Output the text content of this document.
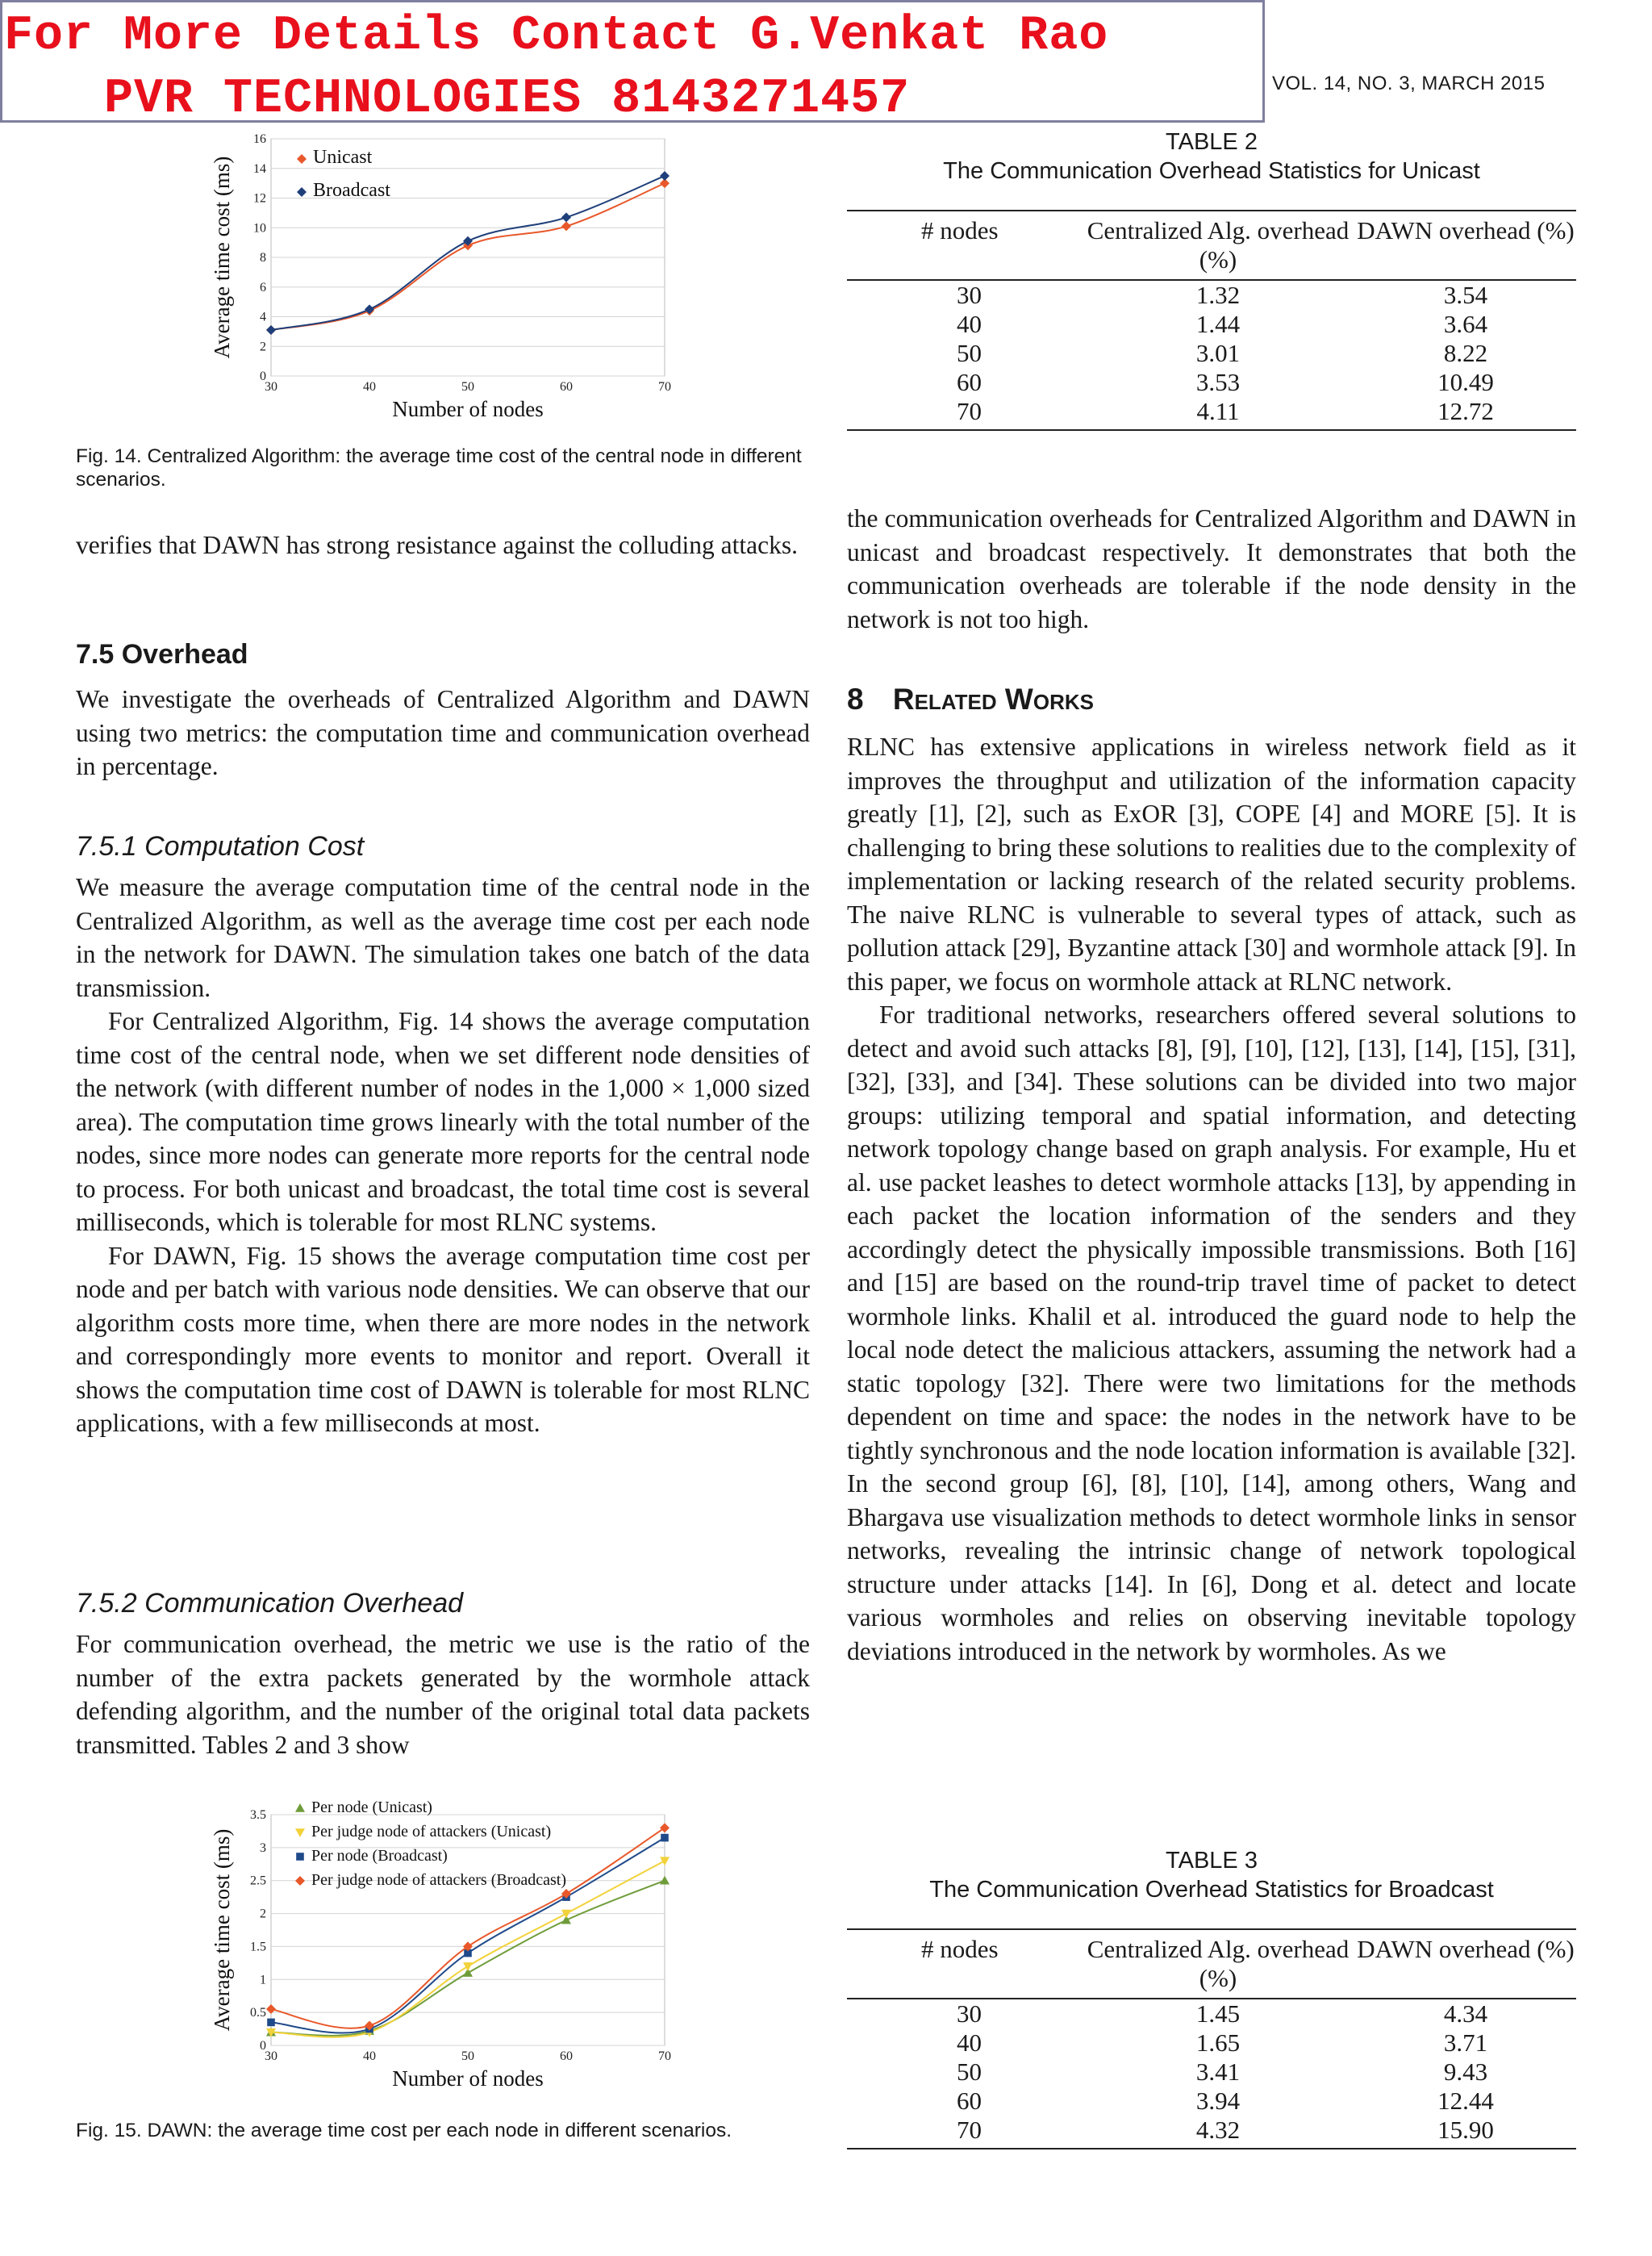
For More Details Contact G.Venkat Rao
PVR TECHNOLOGIES 8143271457	VOL. 14, NO. 3, MARCH 2015
0
2
4
6
8
10
12
14
16
30	40	50	60	70
Number of nodes
Average time cost (ms)	Unicast
Broadcast
Fig. 14. Centralized Algorithm: the average time cost of the central node in different scenarios.

verifies that DAWN has strong resistance against the colluding attacks.

7.5 Overhead

We investigate the overheads of Centralized Algorithm and DAWN using two metrics: the computation time and communication overhead in percentage.

7.5.1 Computation Cost

We measure the average computation time of the central node in the Centralized Algorithm, as well as the average time cost per each node in the network for DAWN. The simulation takes one batch of the data transmission.

For Centralized Algorithm, Fig. 14 shows the average computation time cost of the central node, when we set different node densities of the network (with different number of nodes in the 1,000 × 1,000 sized area). The computation time grows linearly with the total number of the nodes, since more nodes can generate more reports for the central node to process. For both unicast and broadcast, the total time cost is several milliseconds, which is tolerable for most RLNC systems.

For DAWN, Fig. 15 shows the average computation time cost per node and per batch with various node densities. We can observe that our algorithm costs more time, when there are more nodes in the network and correspondingly more events to monitor and report. Overall it shows the computation time cost of DAWN is tolerable for most RLNC applications, with a few milliseconds at most.

7.5.2 Communication Overhead

For communication overhead, the metric we use is the ratio of the number of the extra packets generated by the wormhole attack defending algorithm, and the number of the original total data packets transmitted. Tables 2 and 3 show

0
0.5
1
1.5
2
2.5
3
3.5
30	40	50	60	70
Number of nodes
Average time cost (ms)
Per node (Unicast)
Per judge node of attackers (Unicast)
Per node (Broadcast)
Per judge node of attackers (Broadcast)
Fig. 15. DAWN: the average time cost per each node in different scenarios.
TABLE 2
The Communication Overhead Statistics for Unicast
# nodes	Centralized Alg. overhead (%)	DAWN overhead (%)
30	1.32	3.54
40	1.44	3.64
50	3.01	8.22
60	3.53	10.49
70	4.11	12.72

the communication overheads for Centralized Algorithm and DAWN in unicast and broadcast respectively. It demonstrates that both the communication overheads are tolerable if the node density in the network is not too high.

8 Related Works

RLNC has extensive applications in wireless network field as it improves the throughput and utilization of the information capacity greatly [1], [2], such as ExOR [3], COPE [4] and MORE [5]. It is challenging to bring these solutions to realities due to the complexity of implementation or lacking research of the related security problems. The naive RLNC is vulnerable to several types of attack, such as pollution attack [29], Byzantine attack [30] and wormhole attack [9]. In this paper, we focus on wormhole attack at RLNC network.

For traditional networks, researchers offered several solutions to detect and avoid such attacks [8], [9], [10], [12], [13], [14], [15], [31], [32], [33], and [34]. These solutions can be divided into two major groups: utilizing temporal and spatial information, and detecting network topology change based on graph analysis. For example, Hu et al. use packet leashes to detect wormhole attacks [13], by appending in each packet the location information of the senders and they accordingly detect the physically impossible transmissions. Both [16] and [15] are based on the round-trip travel time of packet to detect wormhole links. Khalil et al. introduced the guard node to help the local node detect the malicious attackers, assuming the network had a static topology [32]. There were two limitations for the methods dependent on time and space: the nodes in the network have to be tightly synchronous and the node location information is available [32]. In the second group [6], [8], [10], [14], among others, Wang and Bhargava use visualization methods to detect wormhole links in sensor networks, revealing the intrinsic change of network topological structure under attacks [14]. In [6], Dong et al. detect and locate various wormholes and relies on observing inevitable topology deviations introduced in the network by wormholes. As we

TABLE 3
The Communication Overhead Statistics for Broadcast
# nodes	Centralized Alg. overhead (%)	DAWN overhead (%)
30	1.45	4.34
40	1.65	3.71
50	3.41	9.43
60	3.94	12.44
70	4.32	15.90
